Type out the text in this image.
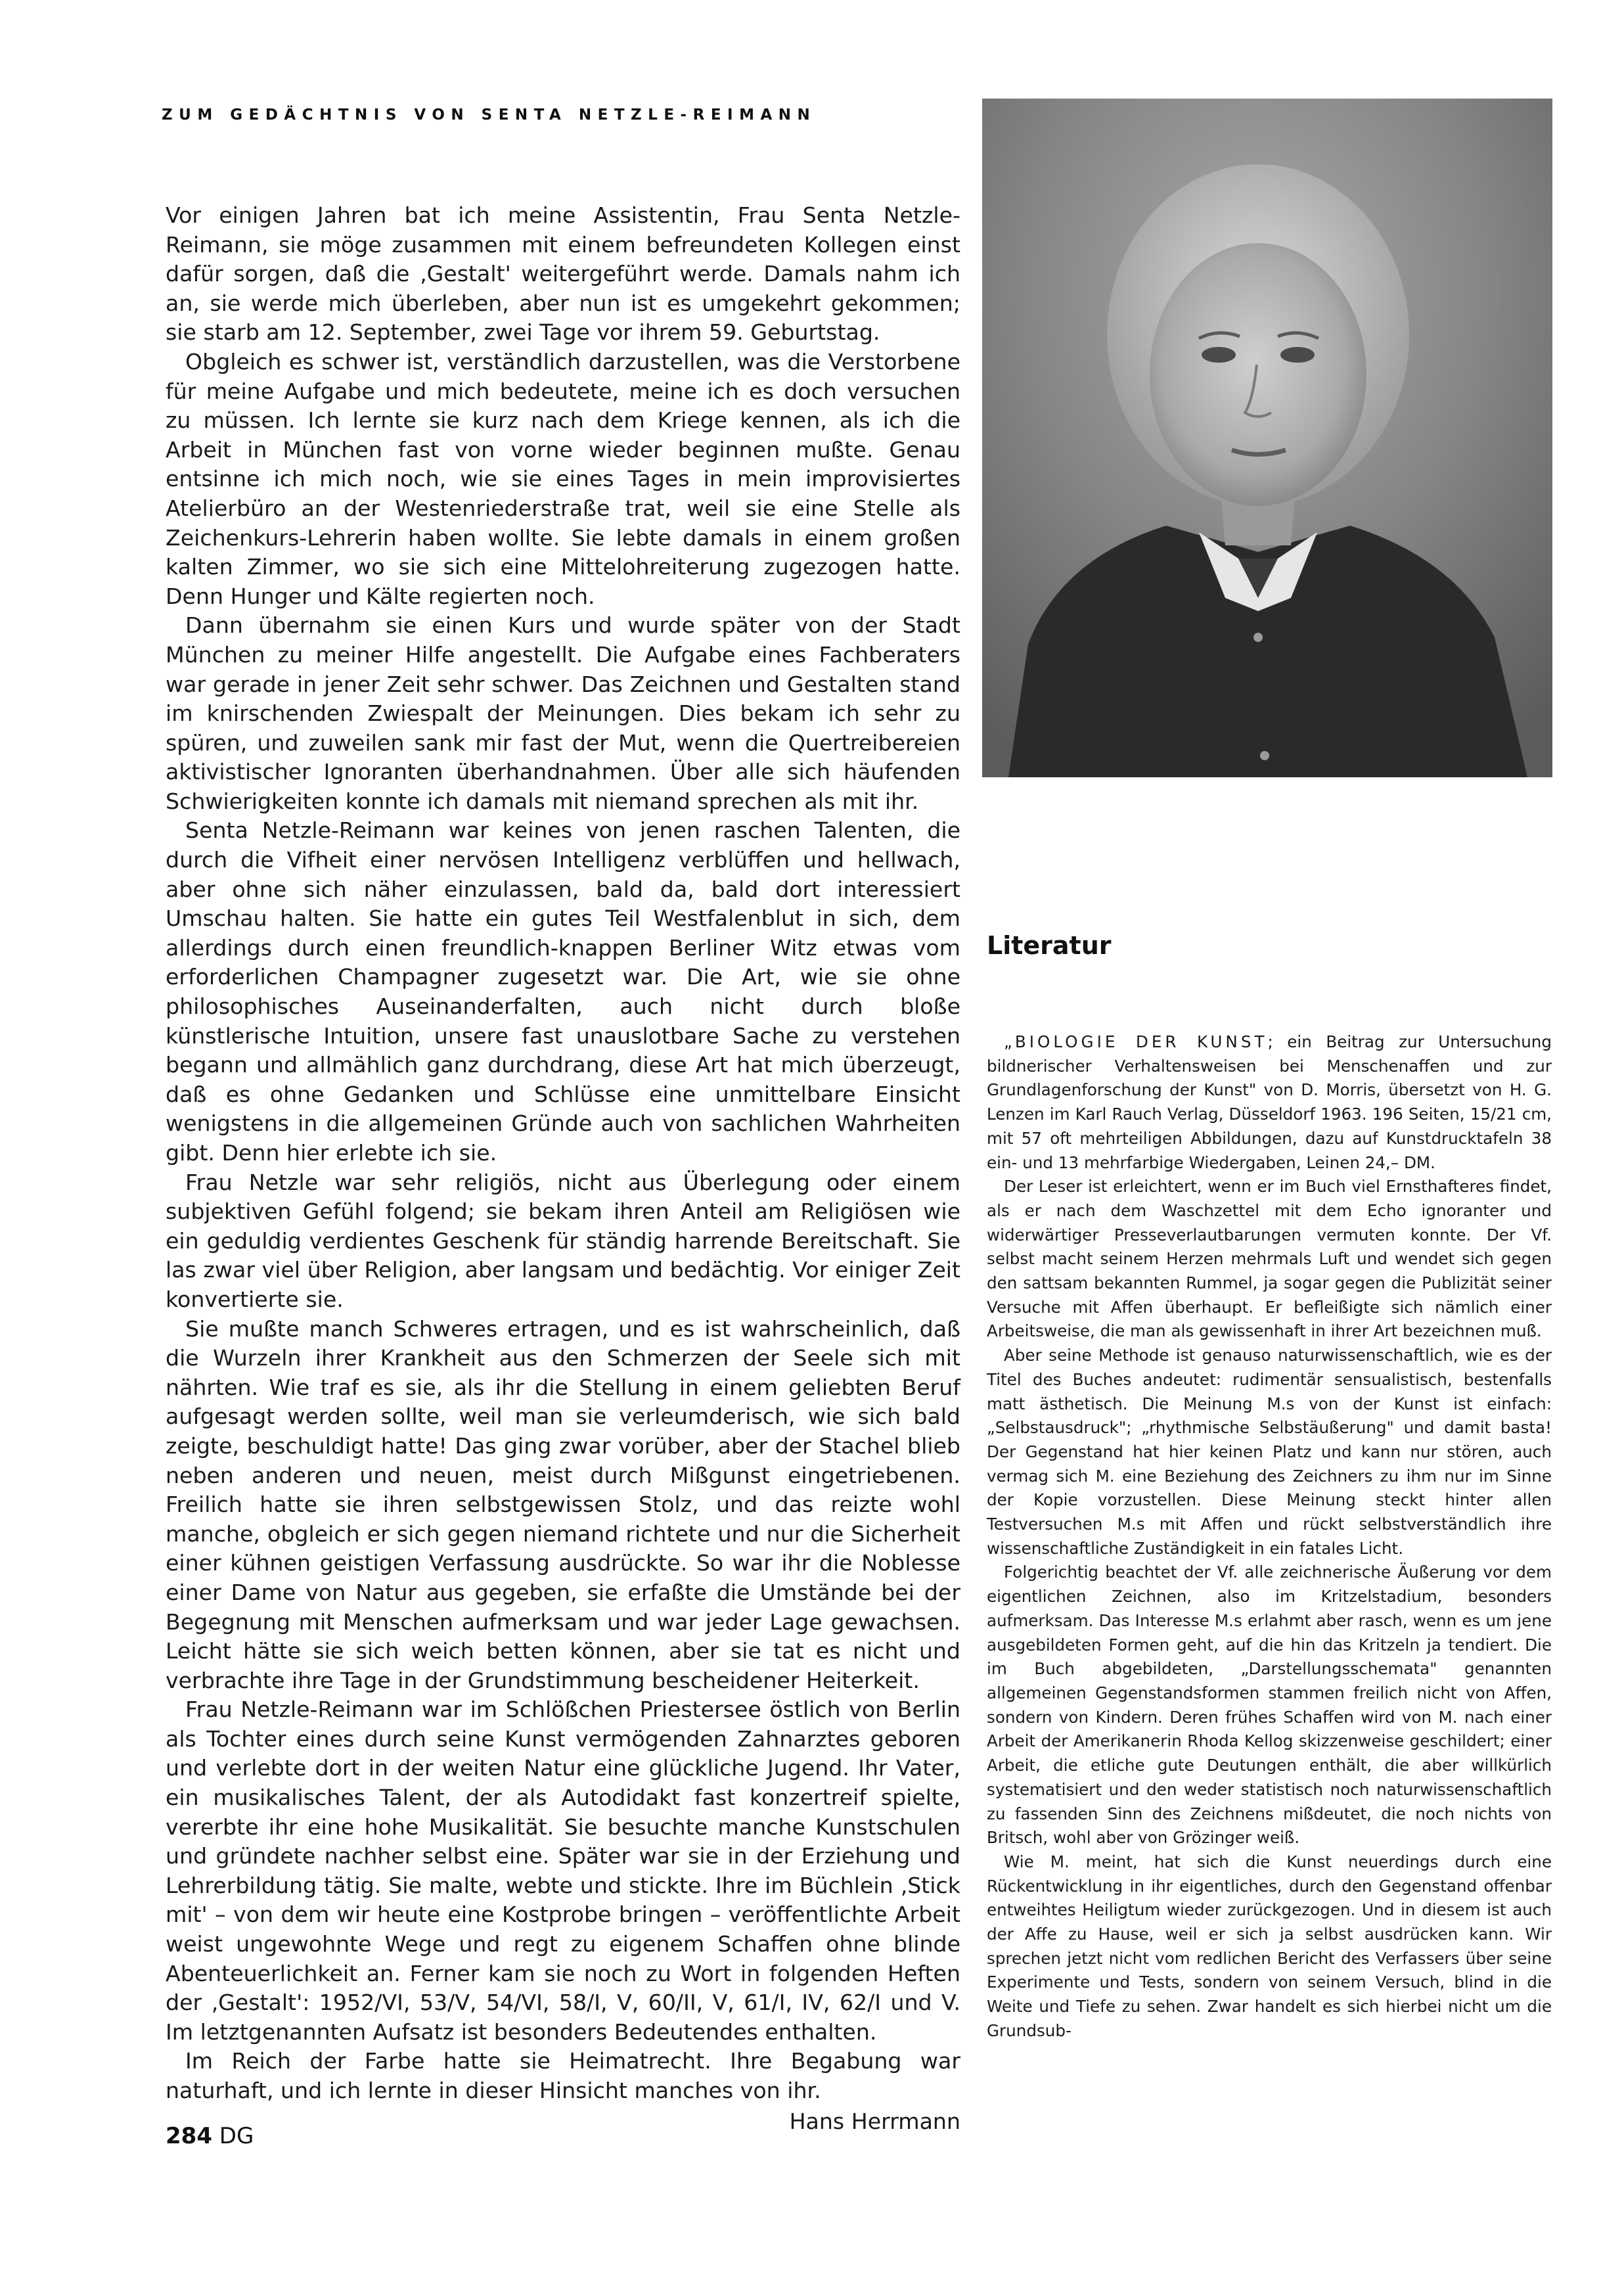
ZUM GEDÄCHTNIS VON SENTA NETZLE-REIMANN

Vor einigen Jahren bat ich meine Assistentin, Frau Senta Netzle-Reimann, sie möge zusammen mit einem befreundeten Kollegen einst dafür sorgen, daß die ‚Gestalt' weitergeführt werde. Damals nahm ich an, sie werde mich überleben, aber nun ist es umgekehrt gekommen; sie starb am 12. September, zwei Tage vor ihrem 59. Geburtstag.

Obgleich es schwer ist, verständlich darzustellen, was die Verstorbene für meine Aufgabe und mich bedeutete, meine ich es doch versuchen zu müssen. Ich lernte sie kurz nach dem Kriege kennen, als ich die Arbeit in München fast von vorne wieder beginnen mußte. Genau entsinne ich mich noch, wie sie eines Tages in mein improvisiertes Atelierbüro an der Westenriederstraße trat, weil sie eine Stelle als Zeichenkurs-Lehrerin haben wollte. Sie lebte damals in einem großen kalten Zimmer, wo sie sich eine Mittelohreiterung zugezogen hatte. Denn Hunger und Kälte regierten noch.

Dann übernahm sie einen Kurs und wurde später von der Stadt München zu meiner Hilfe angestellt. Die Aufgabe eines Fachberaters war gerade in jener Zeit sehr schwer. Das Zeichnen und Gestalten stand im knirschenden Zwiespalt der Meinungen. Dies bekam ich sehr zu spüren, und zuweilen sank mir fast der Mut, wenn die Quertreibereien aktivistischer Ignoranten überhandnahmen. Über alle sich häufenden Schwierigkeiten konnte ich damals mit niemand sprechen als mit ihr.

Senta Netzle-Reimann war keines von jenen raschen Talenten, die durch die Vifheit einer nervösen Intelligenz verblüffen und hellwach, aber ohne sich näher einzulassen, bald da, bald dort interessiert Umschau halten. Sie hatte ein gutes Teil Westfalenblut in sich, dem allerdings durch einen freundlich-knappen Berliner Witz etwas vom erforderlichen Champagner zugesetzt war. Die Art, wie sie ohne philosophisches Auseinanderfalten, auch nicht durch bloße künstlerische Intuition, unsere fast unauslotbare Sache zu verstehen begann und allmählich ganz durchdrang, diese Art hat mich überzeugt, daß es ohne Gedanken und Schlüsse eine unmittelbare Einsicht wenigstens in die allgemeinen Gründe auch von sachlichen Wahrheiten gibt. Denn hier erlebte ich sie.

Frau Netzle war sehr religiös, nicht aus Überlegung oder einem subjektiven Gefühl folgend; sie bekam ihren Anteil am Religiösen wie ein geduldig verdientes Geschenk für ständig harrende Bereitschaft. Sie las zwar viel über Religion, aber langsam und bedächtig. Vor einiger Zeit konvertierte sie.

Sie mußte manch Schweres ertragen, und es ist wahrscheinlich, daß die Wurzeln ihrer Krankheit aus den Schmerzen der Seele sich mit nährten. Wie traf es sie, als ihr die Stellung in einem geliebten Beruf aufgesagt werden sollte, weil man sie verleumderisch, wie sich bald zeigte, beschuldigt hatte! Das ging zwar vorüber, aber der Stachel blieb neben anderen und neuen, meist durch Mißgunst eingetriebenen. Freilich hatte sie ihren selbstgewissen Stolz, und das reizte wohl manche, obgleich er sich gegen niemand richtete und nur die Sicherheit einer kühnen geistigen Verfassung ausdrückte. So war ihr die Noblesse einer Dame von Natur aus gegeben, sie erfaßte die Umstände bei der Begegnung mit Menschen aufmerksam und war jeder Lage gewachsen. Leicht hätte sie sich weich betten können, aber sie tat es nicht und verbrachte ihre Tage in der Grundstimmung bescheidener Heiterkeit.

Frau Netzle-Reimann war im Schlößchen Priestersee östlich von Berlin als Tochter eines durch seine Kunst vermögenden Zahnarztes geboren und verlebte dort in der weiten Natur eine glückliche Jugend. Ihr Vater, ein musikalisches Talent, der als Autodidakt fast konzertreif spielte, vererbte ihr eine hohe Musikalität. Sie besuchte manche Kunstschulen und gründete nachher selbst eine. Später war sie in der Erziehung und Lehrerbildung tätig. Sie malte, webte und stickte. Ihre im Büchlein ‚Stick mit' – von dem wir heute eine Kostprobe bringen – veröffentlichte Arbeit weist ungewohnte Wege und regt zu eigenem Schaffen ohne blinde Abenteuerlichkeit an. Ferner kam sie noch zu Wort in folgenden Heften der ‚Gestalt': 1952/VI, 53/V, 54/VI, 58/I, V, 60/II, V, 61/I, IV, 62/I und V. Im letztgenannten Aufsatz ist besonders Bedeutendes enthalten.

Im Reich der Farbe hatte sie Heimatrecht. Ihre Begabung war naturhaft, und ich lernte in dieser Hinsicht manches von ihr.

Hans Herrmann
Literatur

„BIOLOGIE DER KUNST; ein Beitrag zur Untersuchung bildnerischer Verhaltensweisen bei Menschenaffen und zur Grundlagenforschung der Kunst" von D. Morris, übersetzt von H. G. Lenzen im Karl Rauch Verlag, Düsseldorf 1963. 196 Seiten, 15/21 cm, mit 57 oft mehrteiligen Abbildungen, dazu auf Kunstdrucktafeln 38 ein- und 13 mehrfarbige Wiedergaben, Leinen 24,– DM.

Der Leser ist erleichtert, wenn er im Buch viel Ernsthafteres findet, als er nach dem Waschzettel mit dem Echo ignoranter und widerwärtiger Presseverlautbarungen vermuten konnte. Der Vf. selbst macht seinem Herzen mehrmals Luft und wendet sich gegen den sattsam bekannten Rummel, ja sogar gegen die Publizität seiner Versuche mit Affen überhaupt. Er befleißigte sich nämlich einer Arbeitsweise, die man als gewissenhaft in ihrer Art bezeichnen muß.

Aber seine Methode ist genauso naturwissenschaftlich, wie es der Titel des Buches andeutet: rudimentär sensualistisch, bestenfalls matt ästhetisch. Die Meinung M.s von der Kunst ist einfach: „Selbstausdruck"; „rhythmische Selbstäußerung" und damit basta! Der Gegenstand hat hier keinen Platz und kann nur stören, auch vermag sich M. eine Beziehung des Zeichners zu ihm nur im Sinne der Kopie vorzustellen. Diese Meinung steckt hinter allen Testversuchen M.s mit Affen und rückt selbstverständlich ihre wissenschaftliche Zuständigkeit in ein fatales Licht.

Folgerichtig beachtet der Vf. alle zeichnerische Äußerung vor dem eigentlichen Zeichnen, also im Kritzelstadium, besonders aufmerksam. Das Interesse M.s erlahmt aber rasch, wenn es um jene ausgebildeten Formen geht, auf die hin das Kritzeln ja tendiert. Die im Buch abgebildeten, „Darstellungsschemata" genannten allgemeinen Gegenstandsformen stammen freilich nicht von Affen, sondern von Kindern. Deren frühes Schaffen wird von M. nach einer Arbeit der Amerikanerin Rhoda Kellog skizzenweise geschildert; einer Arbeit, die etliche gute Deutungen enthält, die aber willkürlich systematisiert und den weder statistisch noch naturwissenschaftlich zu fassenden Sinn des Zeichnens mißdeutet, die noch nichts von Britsch, wohl aber von Grözinger weiß.

Wie M. meint, hat sich die Kunst neuerdings durch eine Rückentwicklung in ihr eigentliches, durch den Gegenstand offenbar entweihtes Heiligtum wieder zurückgezogen. Und in diesem ist auch der Affe zu Hause, weil er sich ja selbst ausdrücken kann. Wir sprechen jetzt nicht vom redlichen Bericht des Verfassers über seine Experimente und Tests, sondern von seinem Versuch, blind in die Weite und Tiefe zu sehen. Zwar handelt es sich hierbei nicht um die Grundsub-

284 DG
